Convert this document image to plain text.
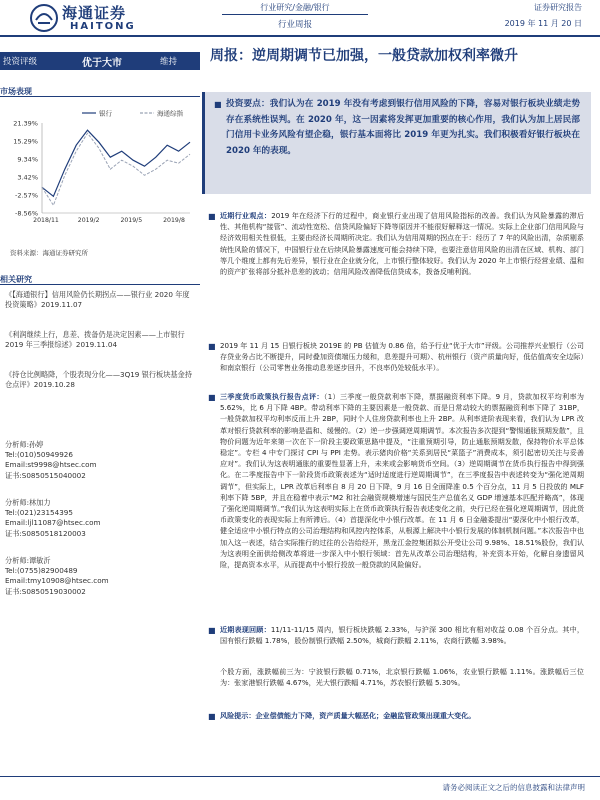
海通证券
HAITONG
行业研究/金融/银行
行业周报
证券研究报告
2019 年 11 月 20 日
投资评级	优于大市	维持 周报：逆周期调节已加强，一般贷款加权利率微升
市场表现
21.39%
15.29%
9.34%
3.42%
-2.57%
-8.56%
2018/11	2019/2	2019/5	2019/8
银行	海通综指
资料来源：海通证券研究所
相关研究
《【海通银行】信用风险仍长期拐点——银行业 2020 年度投资策略》2019.11.07
《利润继续上行，息差、拨备仍是决定因素——上市银行 2019 年三季报综述》2019.11.04
《持仓比例略降，个股表现分化——3Q19 银行板块基金持仓点评》2019.10.28
分析师:孙婷
Tel:(010)50949926
Email:st9998@htsec.com
证书:S0850515040002
分析师:林加力
Tel:(021)23154395
Email:ljl11087@htsec.com
证书:S0850518120003
分析师:谭敏沂
Tel:(0755)82900489
Email:tmy10908@htsec.com
证书:S0850519030002
■ 投资要点：我们认为在 2019 年没有考虑到银行信用风险的下降，容易对银行板块业绩走势存在系统性误判。在 2020 年，这一因素将发挥更加重要的核心作用，我们认为加上居民部门信用卡业务风险有望企稳，银行基本面将比 2019 年更为扎实。我们积极看好银行板块在 2020 年的表现。
■ 近期行业观点：2019 年在经济下行的过程中，商业银行业出现了信用风险指标的改善。我们认为风险暴露的滞后性、其他机构“接管”、流动性宽松、信贷风险偏好下降等原因并不能很好解释这一情况。实际上企业部门信用风险与经济效用相关性很低，主要由经济长周期所决定。我们认为信用周期的拐点在于：经历了 7 年的风险出清，杂质剔系统性风险的情况下，中国银行业在后续风险暴露速度可能会持续下降，也要注意信用风险的出清在区域、机构、部门等几个维度上都有先后差异，银行业在企业就分化，上市银行整体较好。我们认为 2020 年上市银行经营业绩、温和的资产扩张将部分抵补息差的波动；信用风险改善降低信贷成本，拨备反哺利润。
■ 2019 年 11 月 15 日银行板块 2019E 的 PB 估值为 0.86 倍，给予行业“优于大市”评级。公司推荐兴业银行（公司存贷业务占比不断提升，同时叠加资债端压力缓和，息差提升可期）、杭州银行（资产质量向好，低估值高安全边际）和南京银行（公司零售业务推动息差逐步回升，不良率仍处较低水平）。
■ 三季度货币政策执行报告点评：（1）三季度一般贷款利率下降，票据融资利率下降。9 月，贷款加权平均利率为 5.62%，比 6 月下降 4BP。带动利率下降的主要因素是一般贷款、而是日常动较大的票据融资利率下降了 31BP，一般贷款加权平均利率反而上升 2BP，同时个人住房贷款利率也上升 2BP。从利率进阶表现来看，我们认为 LPR 改革对银行贷款利率的影响是温和、缓慢的。（2）逆一步强调逆周期调节。本次报告多次提到“警惕通胀预期发散”，且物价问题为近年来第一次在下一阶段主要政策思路中提及，“注重预期引导，防止通胀预期发散，保持物价水平总体稳定”。专栏 4 中专门探讨 CPI 与 PPI 走势。表示猪肉价格“关系到居民“菜篮子”消费成本，须引起密切关注与妥善应对”。我们认为这表明通胀的重要性显著上升，未来或会影响货币空间。（3）逆周期调节在货币执行报告中得到强化。在二季度报告中下一阶段货币政策表述为“适时适度进行逆周期调节”，在三季度报告中表述转变为“强化逆周期调节”，但实际上，LPR 改革后利率自 8 月 20 日下降，9 月 16 日全面降准 0.5 个百分点，11 月 5 日投放的 MLF 利率下降 5BP，并且在稳着中表示“M2 和社会融资规模增速与国民生产总值名义 GDP 增速基本匹配并略高”，体现了强化逆周期调节。”我们认为这表明实际上在货币政策执行报告表述变化之前，央行已经在强化逆周期调节，因此货币政策变化的表现实际上有所滞后。（4）首提深化中小银行改革。在 11 月 6 日金融委提出“要深化中小银行改革，健全适应中小银行特点的公司治理结构和风控内控体系，从根源上解决中小银行发展的体制机制问题。”本次报告中也加入这一表述，结合实际推行的过往的公告给经开，黑龙江金控集团拟公开受让公司 9.98%、18.51%股份，我们认为这表明全面供给侧改革将进一步深入中小银行领域：首先从改革公司治理结构，补充资本开始，化解自身遗留风险，提高资本水平，从而提高中小银行投放一般贷款的风险偏好。
■ 近期表现回顾：11/11-11/15 周内，银行板块跌幅 2.33%，与沪深 300 相比有相对收益 0.08 个百分点。其中，国有银行跌幅 1.78%，股份制银行跌幅 2.50%，城商行跌幅 2.11%，农商行跌幅 3.98%。
个股方面，涨跌幅前三为：宁波银行跌幅 0.71%，北京银行跌幅 1.06%，农业银行跌幅 1.11%。涨跌幅后三位为：张家港银行跌幅 4.67%，光大银行跌幅 4.71%，苏农银行跌幅 5.30%。
■ 风险提示：企业偿债能力下降，资产质量大幅恶化；金融监管政策出现重大变化。
请务必阅读正文之后的信息披露和法律声明
